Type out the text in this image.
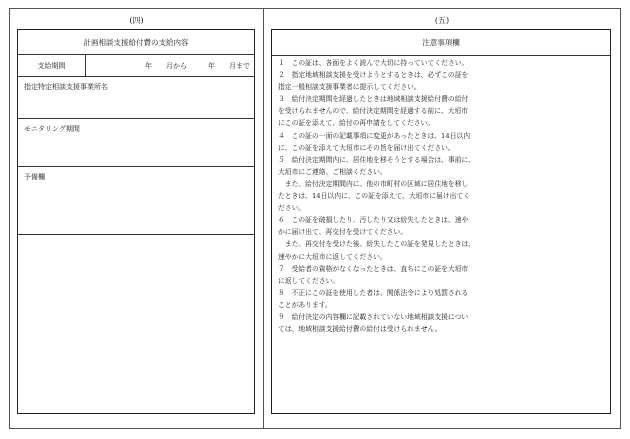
(四)	(五)
計画相談支援給付費の支給内容
支給期間	年　　月から　　　年　　月まで
指定特定相談支援事業所名
モニタリング期間
予備欄
注意事項欄

１　この証は、各面をよく読んで大切に持っていてください。

２　指定地域相談支援を受けようとするときは、必ずこの証を

指定一般相談支援事業者に提示してください。

３　給付決定期間を経過したときは地域相談支援給付費の給付

を受けられませんので、給付決定期間を経過する前に、大垣市

にこの証を添えて、給付の再申請をしてください。

４　この証の一面の記載事項に変更があったときは、14日以内

に、この証を添えて大垣市にその旨を届け出てください。

５　給付決定期間内に、居住地を移そうとする場合は、事前に、

大垣市にご連絡、ご相談ください。

　また、給付決定期間内に、他の市町村の区域に居住地を移し

たときは、14日以内に、この証を添えて、大垣市に届け出てく

ださい。

６　この証を破損したり、汚したり又は紛失したときは、速や

かに届け出て、再交付を受けてください。

　また、再交付を受けた後、紛失したこの証を発見したときは、

速やかに大垣市に返してください。

７　受給者の資格がなくなったときは、直ちにこの証を大垣市

に返してください。

８　不正にこの証を使用した者は、関係法令により処罰される

ことがあります。

９　給付決定の内容欄に記載されていない地域相談支援につい

ては、地域相談支援給付費の給付は受けられません。
